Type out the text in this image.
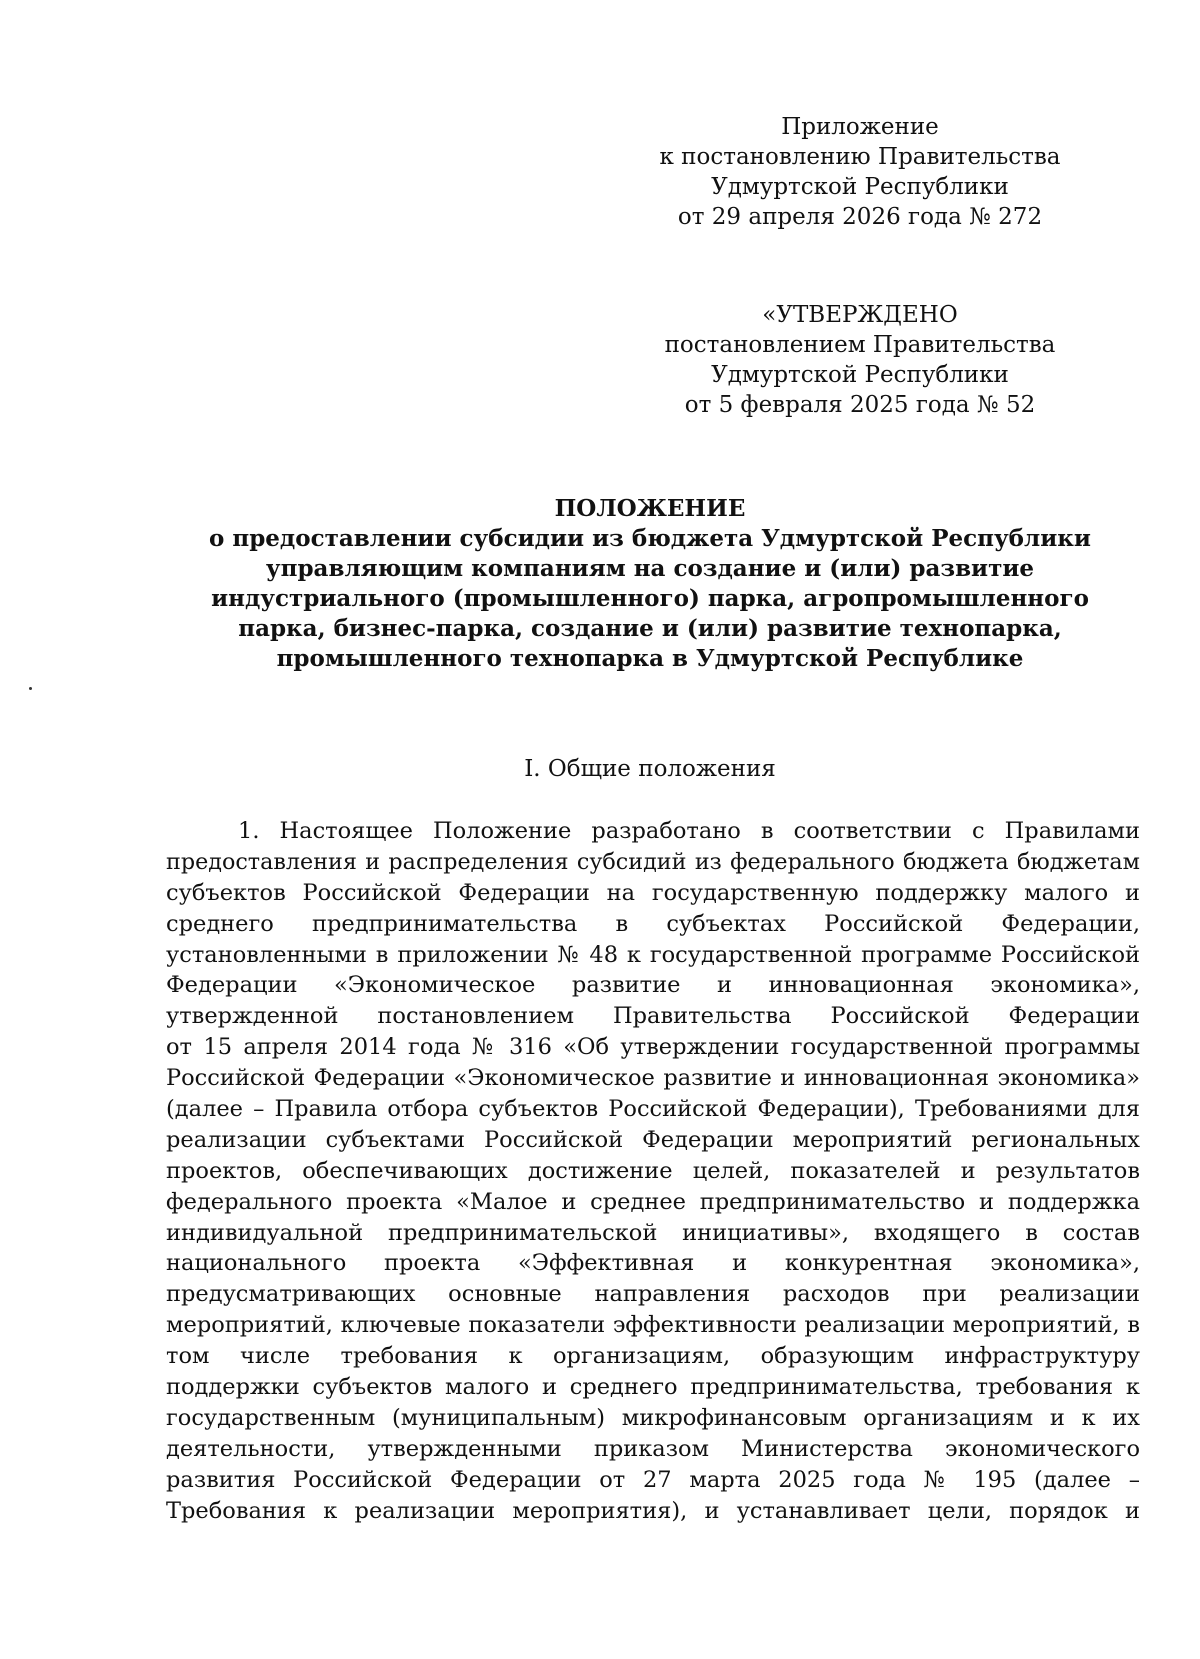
Приложение
к постановлению Правительства
Удмуртской Республики
от 29 апреля 2026 года № 272
«УТВЕРЖДЕНО
постановлением Правительства
Удмуртской Республики
от 5 февраля 2025 года № 52
ПОЛОЖЕНИЕ
о предоставлении субсидии из бюджета Удмуртской Республики
управляющим компаниям на создание и (или) развитие
индустриального (промышленного) парка, агропромышленного
парка, бизнес-парка, создание и (или) развитие технопарка,
промышленного технопарка в Удмуртской Республике
I. Общие положения
1. Настоящее Положение разработано в соответствии с Правилами
предоставления и распределения субсидий из федерального бюджета бюджетам
субъектов Российской Федерации на государственную поддержку малого и
среднего предпринимательства в субъектах Российской Федерации,
установленными в приложении № 48 к государственной программе Российской
Федерации «Экономическое развитие и инновационная экономика»,
утвержденной постановлением Правительства Российской Федерации
от 15 апреля 2014 года № 316 «Об утверждении государственной программы
Российской Федерации «Экономическое развитие и инновационная экономика»
(далее – Правила отбора субъектов Российской Федерации), Требованиями для
реализации субъектами Российской Федерации мероприятий региональных
проектов, обеспечивающих достижение целей, показателей и результатов
федерального проекта «Малое и среднее предпринимательство и поддержка
индивидуальной предпринимательской инициативы», входящего в состав
национального проекта «Эффективная и конкурентная экономика»,
предусматривающих основные направления расходов при реализации
мероприятий, ключевые показатели эффективности реализации мероприятий, в
том числе требования к организациям, образующим инфраструктуру
поддержки субъектов малого и среднего предпринимательства, требования к
государственным (муниципальным) микрофинансовым организациям и к их
деятельности, утвержденными приказом Министерства экономического
развития Российской Федерации от 27 марта 2025 года № 195 (далее –
Требования к реализации мероприятия), и устанавливает цели, порядок и
